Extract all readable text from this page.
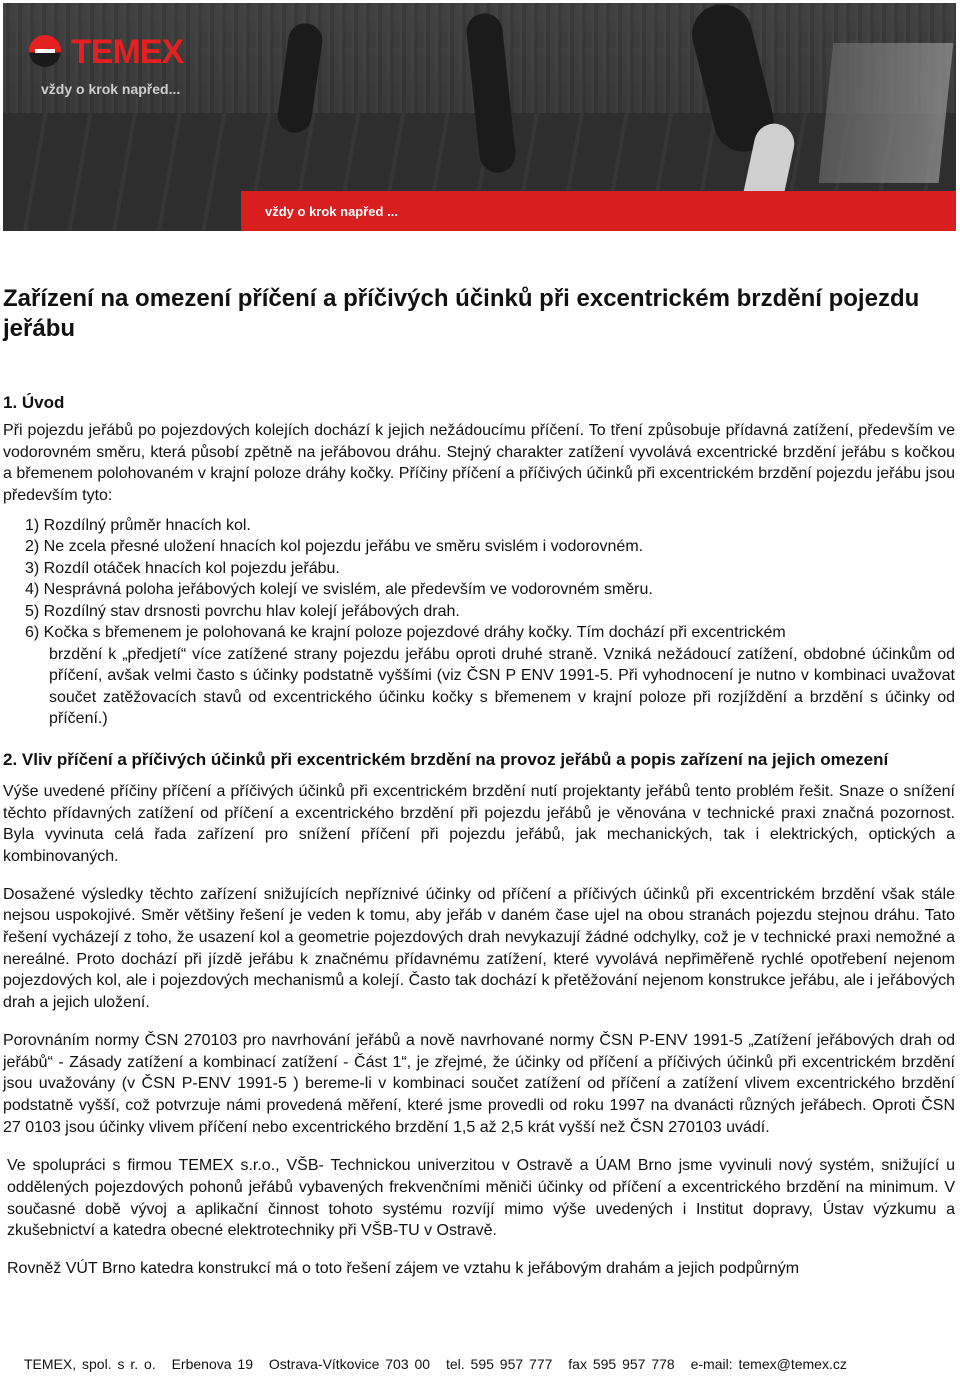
TEMEX
vždy o krok napřed...
vždy o krok napřed ...
Zařízení na omezení příčení a příčivých účinků při excentrickém brzdění pojezdu jeřábu
1. Úvod

Při pojezdu jeřábů po pojezdových kolejích dochází k jejich nežádoucímu příčení. To tření způsobuje přídavná zatížení, především ve vodorovném směru, která působí zpětně na jeřábovou dráhu. Stejný charakter zatížení vyvolává excentrické brzdění jeřábu s kočkou a břemenem polohovaném v krajní poloze dráhy kočky. Příčiny příčení a příčivých účinků při excentrickém brzdění pojezdu jeřábu jsou především tyto:

1) Rozdílný průměr hnacích kol.
2) Ne zcela přesné uložení hnacích kol pojezdu jeřábu ve směru svislém i vodorovném.
3) Rozdíl otáček hnacích kol pojezdu jeřábu.
4) Nesprávná poloha jeřábových kolejí ve svislém, ale především ve vodorovném směru.
5) Rozdílný stav drsnosti povrchu hlav kolejí jeřábových drah.
6) Kočka s břemenem je polohovaná ke krajní poloze pojezdové dráhy kočky. Tím dochází při excentrickém
brzdění k „předjetí“ více zatížené strany pojezdu jeřábu oproti druhé straně. Vzniká nežádoucí zatížení, obdobné účinkům od příčení, avšak velmi často s účinky podstatně vyššími (viz ČSN P ENV 1991-5. Při vyhodnocení je nutno v kombinaci uvažovat součet zatěžovacích stavů od excentrického účinku kočky s břemenem v krajní poloze při rozjíždění a brzdění s účinky od příčení.)
2. Vliv příčení a příčivých účinků při excentrickém brzdění na provoz jeřábů a popis zařízení na jejich omezení

Výše uvedené příčiny příčení a příčivých účinků při excentrickém brzdění nutí projektanty jeřábů tento problém řešit. Snaze o snížení těchto přídavných zatížení od příčení a excentrického brzdění při pojezdu jeřábů je věnována v technické praxi značná pozornost. Byla vyvinuta celá řada zařízení pro snížení příčení při pojezdu jeřábů, jak mechanických, tak i elektrických, optických a kombinovaných.

Dosažené výsledky těchto zařízení snižujících nepříznivé účinky od příčení a příčivých účinků při excentrickém brzdění však stále nejsou uspokojivé. Směr většiny řešení je veden k tomu, aby jeřáb v daném čase ujel na obou stranách pojezdu stejnou dráhu. Tato řešení vycházejí z toho, že usazení kol a geometrie pojezdových drah nevykazují žádné odchylky, což je v technické praxi nemožné a nereálné. Proto dochází při jízdě jeřábu k značnému přídavnému zatížení, které vyvolává nepřiměřeně rychlé opotřebení nejenom pojezdových kol, ale i pojezdových mechanismů a kolejí. Často tak dochází k přetěžování nejenom konstrukce jeřábu, ale i jeřábových drah a jejich uložení.

Porovnáním normy ČSN 270103 pro navrhování jeřábů a nově navrhované normy ČSN P-ENV 1991-5 „Zatížení jeřábových drah od jeřábů“ - Zásady zatížení a kombinací zatížení - Část 1“, je zřejmé, že účinky od příčení a příčivých účinků při excentrickém brzdění jsou uvažovány (v ČSN P-ENV 1991-5 ) bereme-li v kombinaci součet zatížení od příčení a zatížení vlivem excentrického brzdění podstatně vyšší, což potvrzuje námi provedená měření, které jsme provedli od roku 1997 na dvanácti různých jeřábech. Oproti ČSN 27 0103 jsou účinky vlivem příčení nebo excentrického brzdění 1,5 až 2,5 krát vyšší než ČSN 270103 uvádí.

Ve spolupráci s firmou TEMEX s.r.o., VŠB- Technickou univerzitou v Ostravě a ÚAM Brno jsme vyvinuli nový systém, snižující u oddělených pojezdových pohonů jeřábů vybavených frekvenčními měniči účinky od příčení a excentrického brzdění na minimum. V současné době vývoj a aplikační činnost tohoto systému rozvíjí mimo výše uvedených i Institut dopravy, Ústav výzkumu a zkušebnictví a katedra obecné elektrotechniky při VŠB-TU v Ostravě.

Rovněž VÚT Brno katedra konstrukcí má o toto řešení zájem ve vztahu k jeřábovým drahám a jejich podpůrným

TEMEX, spol. s r. o. Erbenova 19 Ostrava-Vítkovice 703 00 tel. 595 957 777 fax 595 957 778 e-mail: temex@temex.cz
